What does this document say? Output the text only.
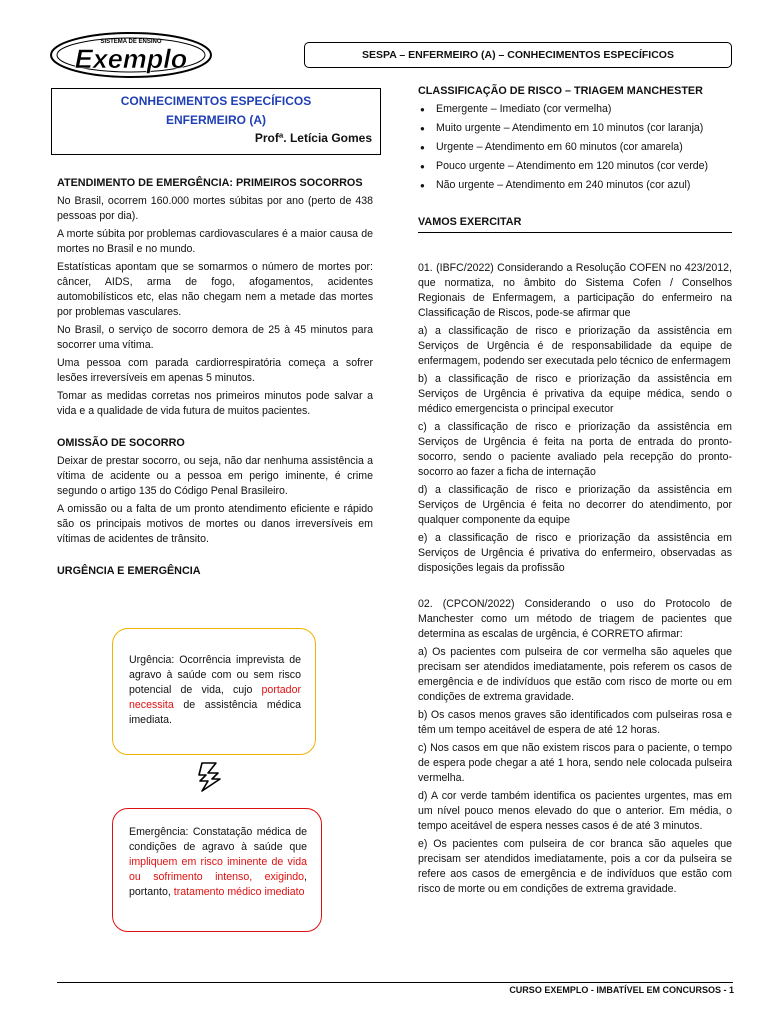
SISTEMA DE ENSINO
Exemplo	SESPA – ENFERMEIRO (A) – CONHECIMENTOS ESPECÍFICOS
CONHECIMENTOS ESPECÍFICOS
ENFERMEIRO (A)
Profª. Letícia Gomes
ATENDIMENTO DE EMERGÊNCIA: PRIMEIROS SOCORROS

No Brasil, ocorrem 160.000 mortes súbitas por ano (perto de 438 pessoas por dia).

A morte súbita por problemas cardiovasculares é a maior causa de mortes no Brasil e no mundo.

Estatísticas apontam que se somarmos o número de mortes por: câncer, AIDS, arma de fogo, afogamentos, acidentes automobilísticos etc, elas não chegam nem a metade das mortes por problemas vasculares.

No Brasil, o serviço de socorro demora de 25 à 45 minutos para socorrer uma vítima.

Uma pessoa com parada cardiorrespiratória começa a sofrer lesões irreversíveis em apenas 5 minutos.

Tomar as medidas corretas nos primeiros minutos pode salvar a vida e a qualidade de vida futura de muitos pacientes.

OMISSÃO DE SOCORRO

Deixar de prestar socorro, ou seja, não dar nenhuma assistência a vítima de acidente ou a pessoa em perigo iminente, é crime segundo o artigo 135 do Código Penal Brasileiro.

A omissão ou a falta de um pronto atendimento eficiente e rápido são os principais motivos de mortes ou danos irreversíveis em vítimas de acidentes de trânsito.

URGÊNCIA E EMERGÊNCIA
Urgência: Ocorrência imprevista de agravo à saúde com ou sem risco potencial de vida, cujo portador necessita de assistência médica imediata.
Emergência: Constatação médica de condições de agravo à saúde que impliquem em risco iminente de vida ou sofrimento intenso, exigindo, portanto, tratamento médico imediato
CLASSIFICAÇÃO DE RISCO – TRIAGEM MANCHESTER
● Emergente – Imediato (cor vermelha)
● Muito urgente – Atendimento em 10 minutos (cor laranja)
● Urgente – Atendimento em 60 minutos (cor amarela)
● Pouco urgente – Atendimento em 120 minutos (cor verde)
● Não urgente – Atendimento em 240 minutos (cor azul)
VAMOS EXERCITAR

01. (IBFC/2022) Considerando a Resolução COFEN no 423/2012, que normatiza, no âmbito do Sistema Cofen / Conselhos Regionais de Enfermagem, a participação do enfermeiro na Classificação de Riscos, pode-se afirmar que

a) a classificação de risco e priorização da assistência em Serviços de Urgência é de responsabilidade da equipe de enfermagem, podendo ser executada pelo técnico de enfermagem

b) a classificação de risco e priorização da assistência em Serviços de Urgência é privativa da equipe médica, sendo o médico emergencista o principal executor

c) a classificação de risco e priorização da assistência em Serviços de Urgência é feita na porta de entrada do pronto-socorro, sendo o paciente avaliado pela recepção do pronto-socorro ao fazer a ficha de internação

d) a classificação de risco e priorização da assistência em Serviços de Urgência é feita no decorrer do atendimento, por qualquer componente da equipe

e) a classificação de risco e priorização da assistência em Serviços de Urgência é privativa do enfermeiro, observadas as disposições legais da profissão

02. (CPCON/2022) Considerando o uso do Protocolo de Manchester como um método de triagem de pacientes que determina as escalas de urgência, é CORRETO afirmar:

a) Os pacientes com pulseira de cor vermelha são aqueles que precisam ser atendidos imediatamente, pois referem os casos de emergência e de indivíduos que estão com risco de morte ou em condições de extrema gravidade.

b) Os casos menos graves são identificados com pulseiras rosa e têm um tempo aceitável de espera de até 12 horas.

c) Nos casos em que não existem riscos para o paciente, o tempo de espera pode chegar a até 1 hora, sendo nele colocada pulseira vermelha.

d) A cor verde também identifica os pacientes urgentes, mas em um nível pouco menos elevado do que o anterior. Em média, o tempo aceitável de espera nesses casos é de até 3 minutos.

e) Os pacientes com pulseira de cor branca são aqueles que precisam ser atendidos imediatamente, pois a cor da pulseira se refere aos casos de emergência e de indivíduos que estão com risco de morte ou em condições de extrema gravidade.

CURSO EXEMPLO - IMBATÍVEL EM CONCURSOS - 1
